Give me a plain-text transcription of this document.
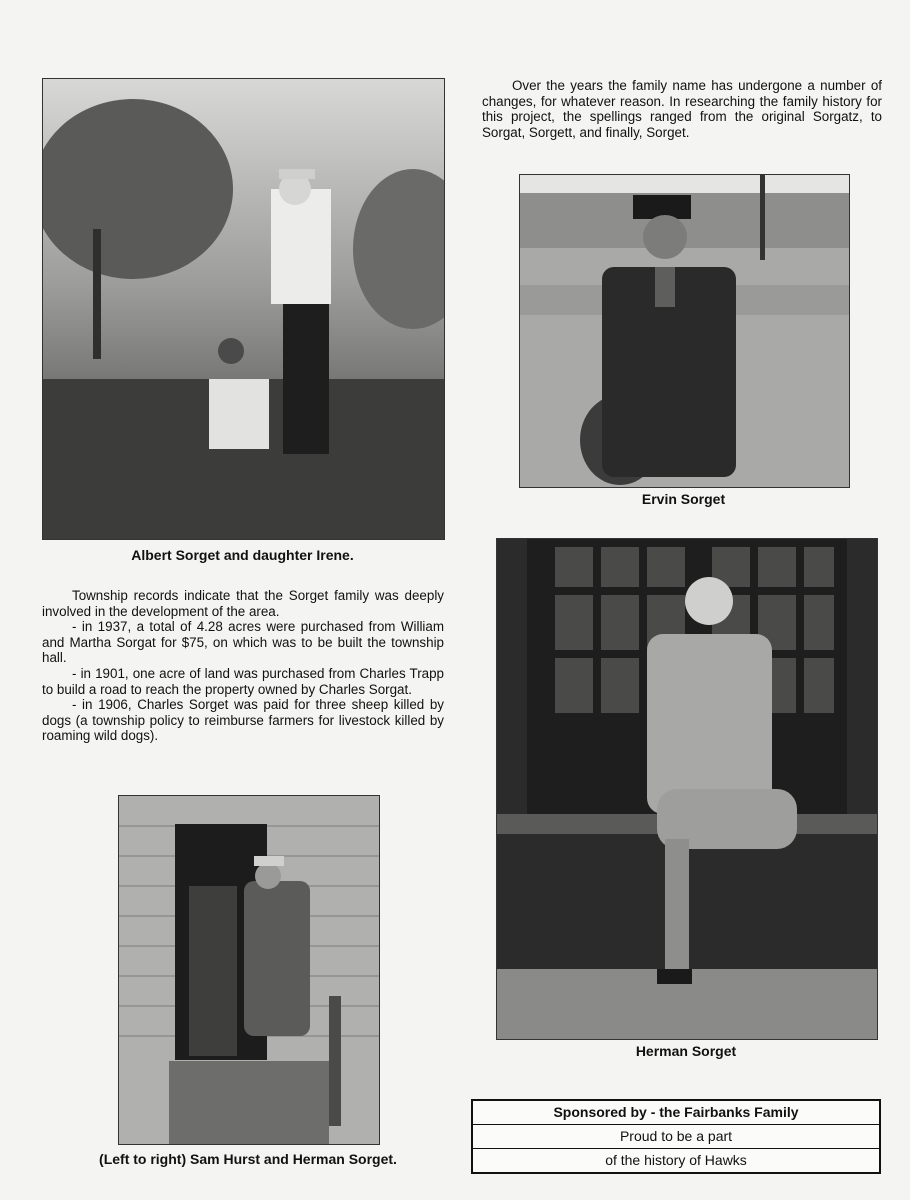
Over the years the family name has undergone a number of changes, for whatever reason. In researching the family history for this project, the spellings ranged from the original Sorgatz, to Sorgat, Sorgett, and finally, Sorget.

Albert Sorget and daughter Irene.
Ervin Sorget

Township records indicate that the Sorget family was deeply involved in the development of the area.

- in 1937, a total of 4.28 acres were purchased from William and Martha Sorgat for $75, on which was to be built the township hall.

- in 1901, one acre of land was purchased from Charles Trapp to build a road to reach the property owned by Charles Sorgat.

- in 1906, Charles Sorget was paid for three sheep killed by dogs (a township policy to reimburse farmers for livestock killed by roaming wild dogs).

Herman Sorget
(Left to right) Sam Hurst and Herman Sorget.
Sponsored by - the Fairbanks Family
Proud to be a part
of the history of Hawks
